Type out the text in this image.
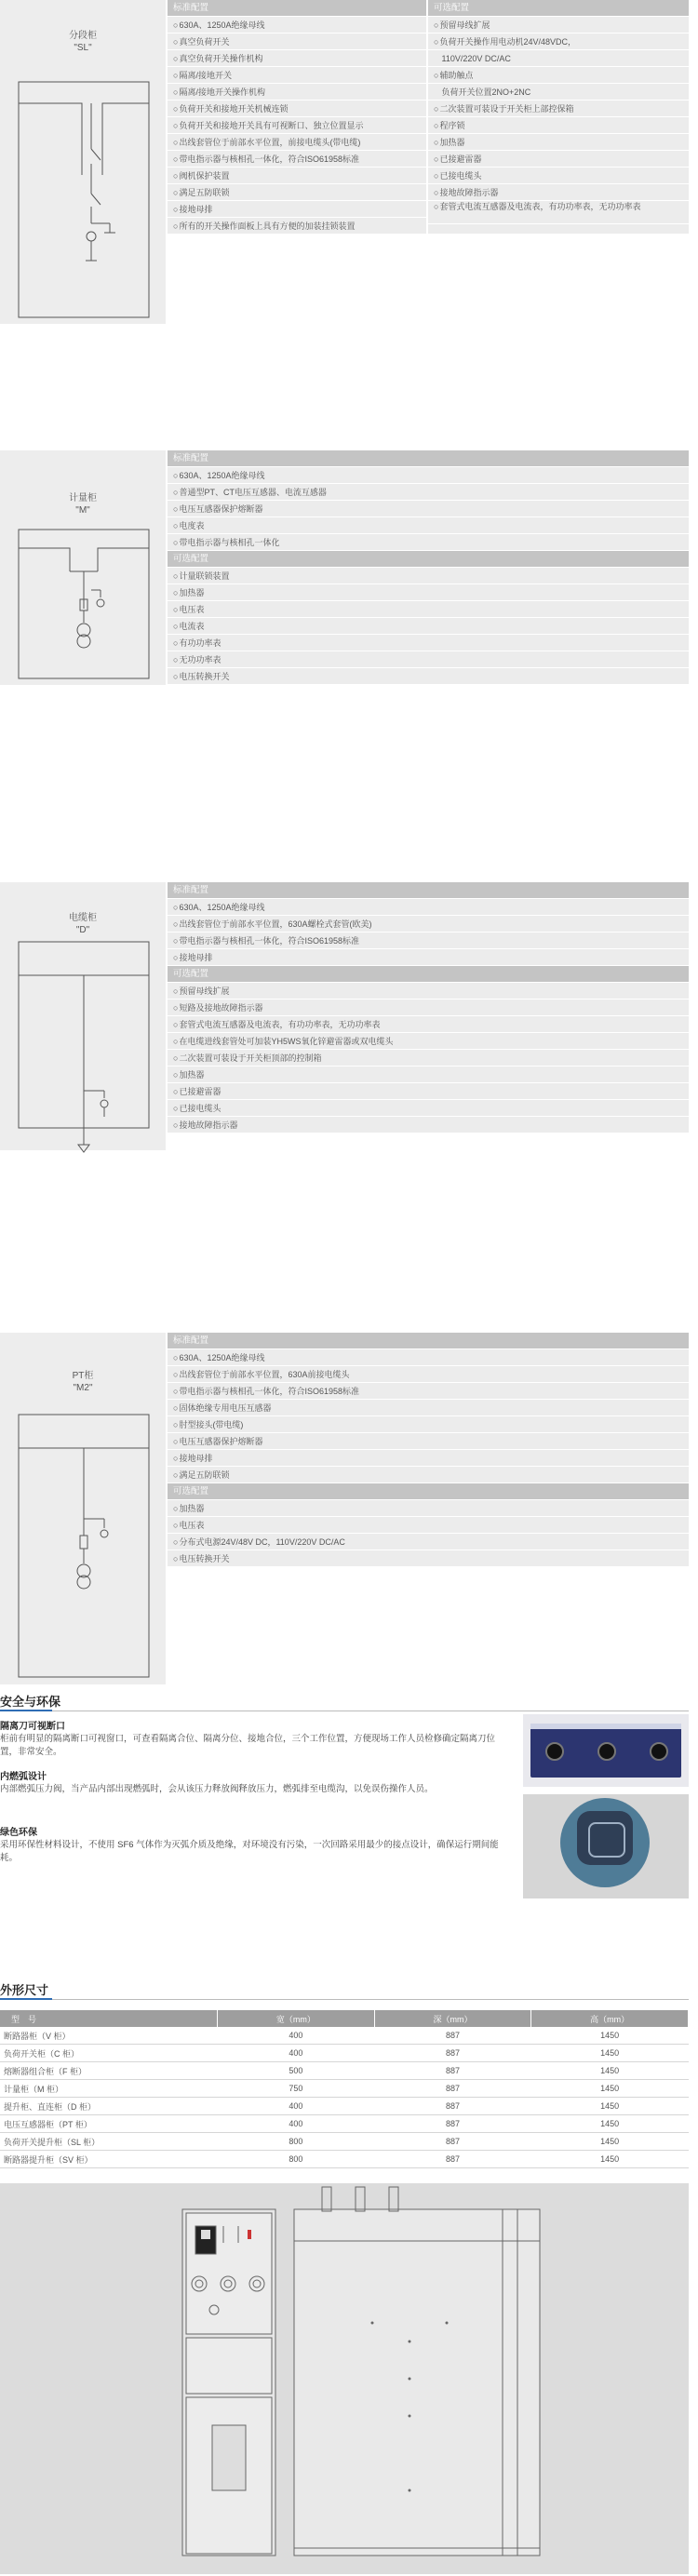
分段柜
"SL"
标准配置
○630A、1250A绝缘母线
○真空负荷开关
○真空负荷开关操作机构
○隔离/接地开关
○隔离/接地开关操作机构
○负荷开关和接地开关机械连锁
○负荷开关和接地开关具有可视断口、独立位置显示
○出线套管位于前部水平位置，前接电缆头(带电缆)
○带电指示器与核相孔一体化，符合ISO61958标准
○阀机保护装置
○满足五防联锁
○接地母排
○所有的开关操作面板上具有方便的加装挂锁装置
可选配置
○预留母线扩展
○负荷开关操作用电动机24V/48VDC，
110V/220V DC/AC
○辅助触点
负荷开关位置2NO+2NC
○二次装置可装设于开关柜上部控保箱
○程序锁
○加热器
○已接避雷器
○已接电缆头
○接地故障指示器
○套管式电流互感器及电流表，有功功率表，无功功率表
计量柜
"M"
标准配置
○630A、1250A绝缘母线
○普通型PT、CT电压互感器、电流互感器
○电压互感器保护熔断器
○电度表
○带电指示器与核相孔一体化
可选配置
○计量联锁装置
○加热器
○电压表
○电流表
○有功功率表
○无功功率表
○电压转换开关
电缆柜
"D"
标准配置
○630A、1250A绝缘母线
○出线套管位于前部水平位置，630A螺栓式套管(欧美)
○带电指示器与核相孔一体化，符合ISO61958标准
○接地母排
可选配置
○预留母线扩展
○短路及接地故障指示器
○套管式电流互感器及电流表，有功功率表，无功功率表
○在电缆进线套管处可加装YH5WS氧化锌避雷器或双电缆头
○二次装置可装设于开关柜顶部的控制箱
○加热器
○已接避雷器
○已接电缆头
○接地故障指示器
PT柜
"M2"
标准配置
○630A、1250A绝缘母线
○出线套管位于前部水平位置，630A前接电缆头
○带电指示器与核相孔一体化，符合ISO61958标准
○固体绝缘专用电压互感器
○肘型接头(带电缆)
○电压互感器保护熔断器
○接地母排
○满足五防联锁
可选配置
○加热器
○电压表
○分布式电源24V/48V DC，110V/220V DC/AC
○电压转换开关
安全与环保
隔离刀可视断口
柜前有明显的隔离断口可视窗口，可查看隔离合位、隔离分位、接地合位，三个工作位置，方便现场工作人员检修确定隔离刀位置，非常安全。
内燃弧设计
内部燃弧压力阀，当产品内部出现燃弧时，会从该压力释放阀释放压力，燃弧排至电缆沟，以免误伤操作人员。
绿色环保
采用环保性材料设计，不使用 SF6 气体作为灭弧介质及绝缘，对环境没有污染，一次回路采用最少的接点设计，确保运行期间能耗。
外形尺寸
型　号	宽（mm）	深（mm）	高（mm）
断路器柜（V 柜）	400	887	1450
负荷开关柜（C 柜）	400	887	1450
熔断器组合柜（F 柜）	500	887	1450
计量柜（M 柜）	750	887	1450
提升柜、直连柜（D 柜）	400	887	1450
电压互感器柜（PT 柜）	400	887	1450
负荷开关提升柜（SL 柜）	800	887	1450
断路器提升柜（SV 柜）	800	887	1450
